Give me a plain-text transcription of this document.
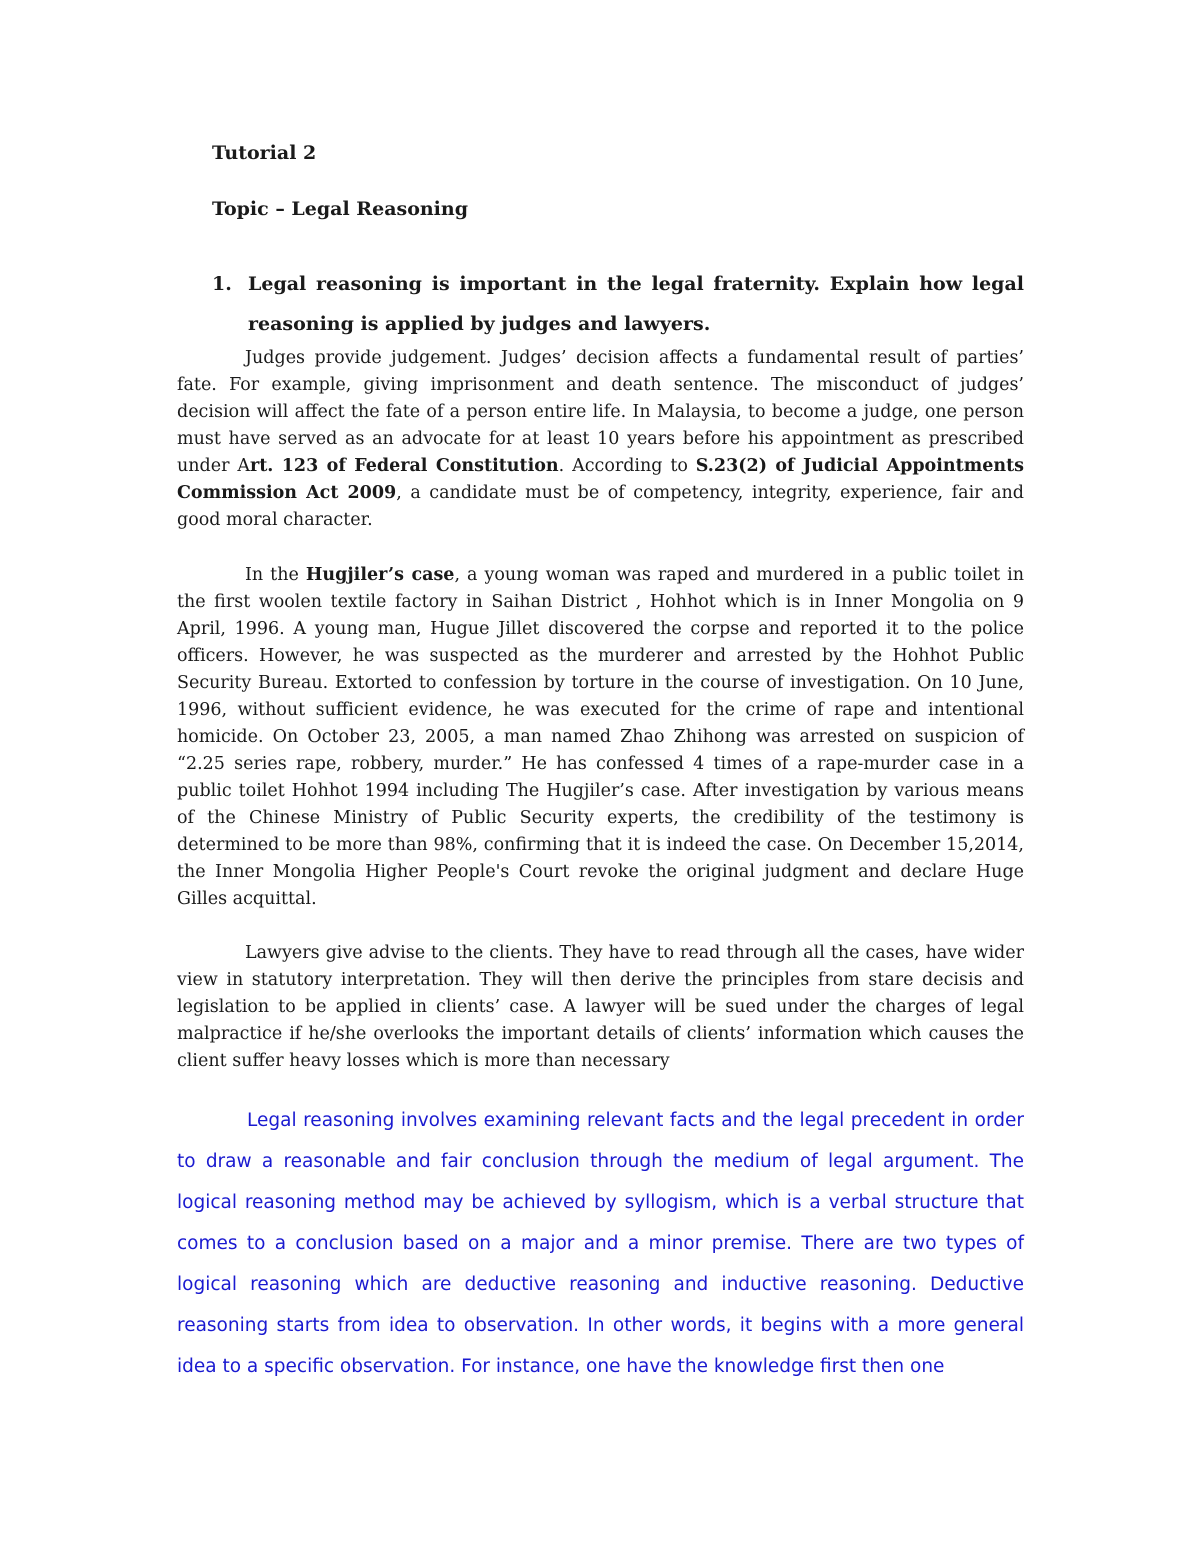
Tutorial 2

Topic – Legal Reasoning

1. Legal reasoning is important in the legal fraternity. Explain how legal reasoning is applied by judges and lawyers.

Judges provide judgement. Judges’ decision affects a fundamental result of parties’ fate. For example, giving imprisonment and death sentence. The misconduct of judges’ decision will affect the fate of a person entire life. In Malaysia, to become a judge, one person must have served as an advocate for at least 10 years before his appointment as prescribed under Art. 123 of Federal Constitution. According to S.23(2) of Judicial Appointments Commission Act 2009, a candidate must be of competency, integrity, experience, fair and good moral character.

In the Hugjiler’s case, a young woman was raped and murdered in a public toilet in the first woolen textile factory in Saihan District , Hohhot which is in Inner Mongolia on 9 April, 1996. A young man, Hugue Jillet discovered the corpse and reported it to the police officers. However, he was suspected as the murderer and arrested by the Hohhot Public Security Bureau. Extorted to confession by torture in the course of investigation. On 10 June, 1996, without sufficient evidence, he was executed for the crime of rape and intentional homicide. On October 23, 2005, a man named Zhao Zhihong was arrested on suspicion of “2.25 series rape, robbery, murder.” He has confessed 4 times of a rape-murder case in a public toilet Hohhot 1994 including The Hugjiler’s case. After investigation by various means of the Chinese Ministry of Public Security experts, the credibility of the testimony is determined to be more than 98%, confirming that it is indeed the case. On December 15,2014, the Inner Mongolia Higher People's Court revoke the original judgment and declare Huge Gilles acquittal.

Lawyers give advise to the clients. They have to read through all the cases, have wider view in statutory interpretation. They will then derive the principles from stare decisis and legislation to be applied in clients’ case. A lawyer will be sued under the charges of legal malpractice if he/she overlooks the important details of clients’ information which causes the client suffer heavy losses which is more than necessary

Legal reasoning involves examining relevant facts and the legal precedent in order to draw a reasonable and fair conclusion through the medium of legal argument. The logical reasoning method may be achieved by syllogism, which is a verbal structure that comes to a conclusion based on a major and a minor premise. There are two types of logical reasoning which are deductive reasoning and inductive reasoning. Deductive reasoning starts from idea to observation. In other words, it begins with a more general idea to a specific observation. For instance, one have the knowledge first then one
